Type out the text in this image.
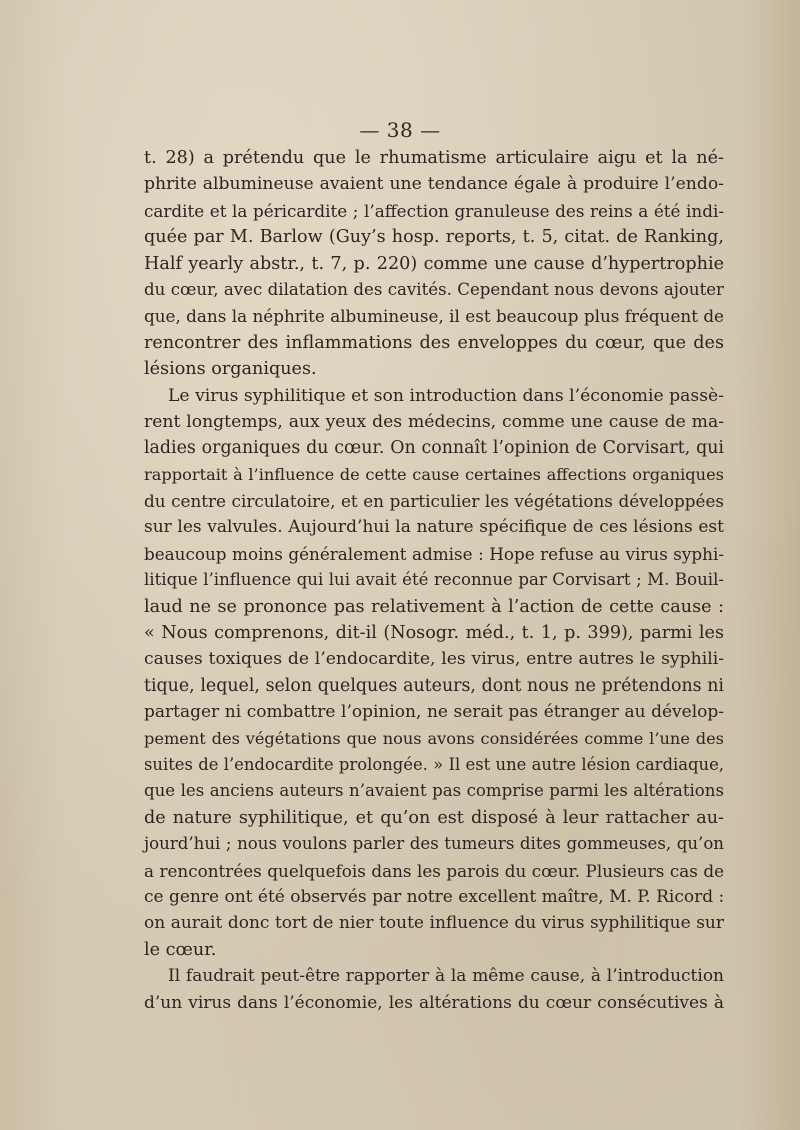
— 38 —
t. 28) a prétendu que le rhumatisme articulaire aigu et la né-
phrite albumineuse avaient une tendance égale à produire l’endo-
cardite et la péricardite ; l’affection granuleuse des reins a été indi-
quée par M. Barlow (Guy’s hosp. reports, t. 5, citat. de Ranking,
Half yearly abstr., t. 7, p. 220) comme une cause d’hypertrophie
du cœur, avec dilatation des cavités. Cependant nous devons ajouter
que, dans la néphrite albumineuse, il est beaucoup plus fréquent de
rencontrer des inflammations des enveloppes du cœur, que des
lésions organiques.
Le virus syphilitique et son introduction dans l’économie passè-
rent longtemps, aux yeux des médecins, comme une cause de ma-
ladies organiques du cœur. On connaît l’opinion de Corvisart, qui
rapportait à l’influence de cette cause certaines affections organiques
du centre circulatoire, et en particulier les végétations développées
sur les valvules. Aujourd’hui la nature spécifique de ces lésions est
beaucoup moins généralement admise : Hope refuse au virus syphi-
litique l’influence qui lui avait été reconnue par Corvisart ; M. Bouil-
laud ne se prononce pas relativement à l’action de cette cause :
« Nous comprenons, dit-il (Nosogr. méd., t. 1, p. 399), parmi les
causes toxiques de l’endocardite, les virus, entre autres le syphili-
tique, lequel, selon quelques auteurs, dont nous ne prétendons ni
partager ni combattre l’opinion, ne serait pas étranger au dévelop-
pement des végétations que nous avons considérées comme l’une des
suites de l’endocardite prolongée. » Il est une autre lésion cardiaque,
que les anciens auteurs n’avaient pas comprise parmi les altérations
de nature syphilitique, et qu’on est disposé à leur rattacher au-
jourd’hui ; nous voulons parler des tumeurs dites gommeuses, qu’on
a rencontrées quelquefois dans les parois du cœur. Plusieurs cas de
ce genre ont été observés par notre excellent maître, M. P. Ricord :
on aurait donc tort de nier toute influence du virus syphilitique sur
le cœur.
Il faudrait peut-être rapporter à la même cause, à l’introduction
d’un virus dans l’économie, les altérations du cœur consécutives à
